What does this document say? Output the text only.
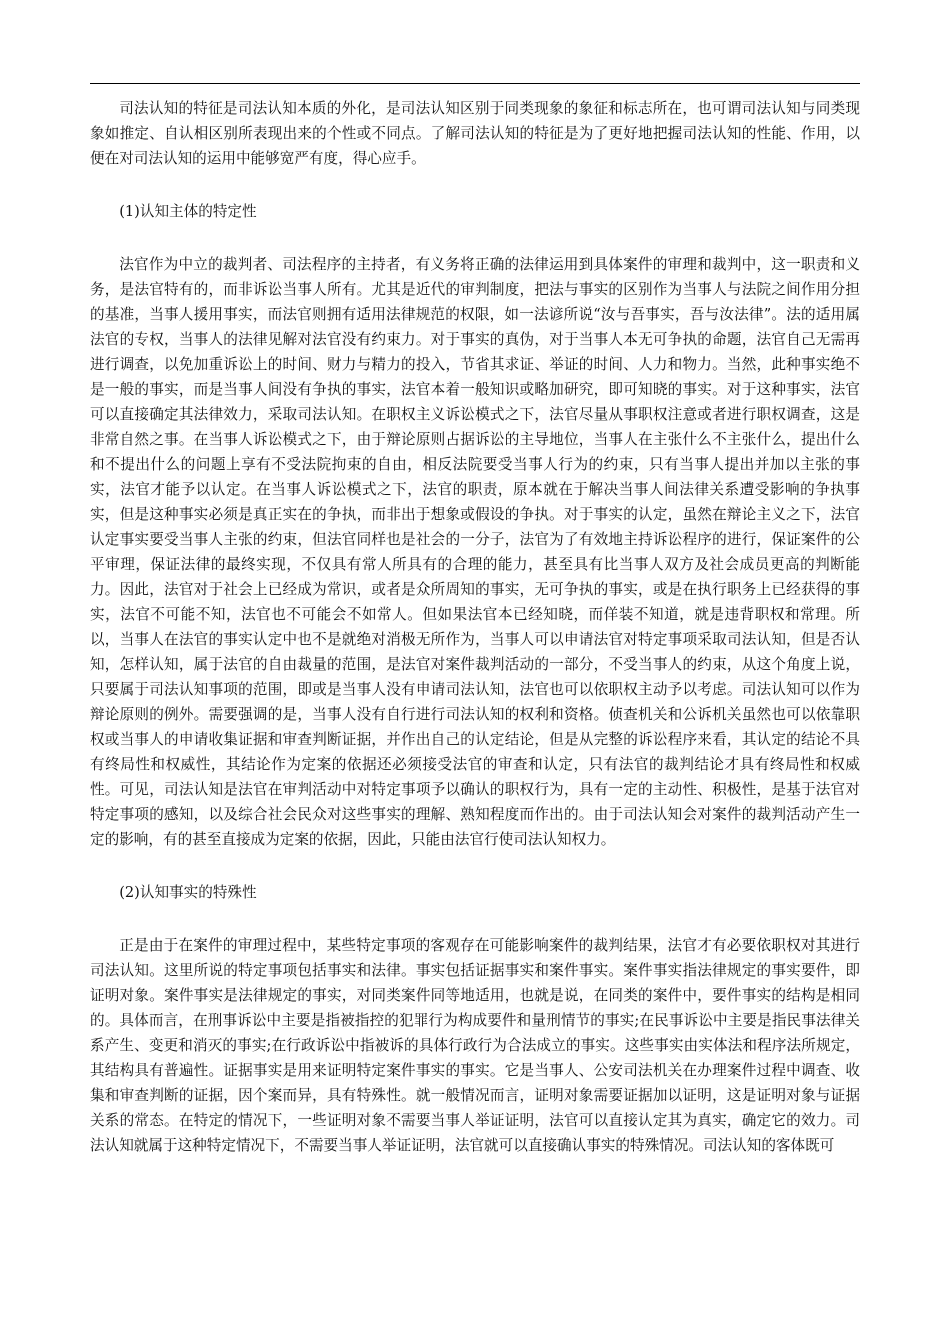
司法认知的特征是司法认知本质的外化，是司法认知区别于同类现象的象征和标志所在，也可谓司法认知与同类现象如推定、自认相区别所表现出来的个性或不同点。了解司法认知的特征是为了更好地把握司法认知的性能、作用，以便在对司法认知的运用中能够宽严有度，得心应手。

(1)认知主体的特定性

法官作为中立的裁判者、司法程序的主持者，有义务将正确的法律运用到具体案件的审理和裁判中，这一职责和义务，是法官特有的，而非诉讼当事人所有。尤其是近代的审判制度，把法与事实的区别作为当事人与法院之间作用分担的基准，当事人援用事实，而法官则拥有适用法律规范的权限，如一法谚所说“汝与吾事实，吾与汝法律”。法的适用属法官的专权，当事人的法律见解对法官没有约束力。对于事实的真伪，对于当事人本无可争执的命题，法官自己无需再进行调查，以免加重诉讼上的时间、财力与精力的投入，节省其求证、举证的时间、人力和物力。当然，此种事实绝不是一般的事实，而是当事人间没有争执的事实，法官本着一般知识或略加研究，即可知晓的事实。对于这种事实，法官可以直接确定其法律效力，采取司法认知。在职权主义诉讼模式之下，法官尽量从事职权注意或者进行职权调查，这是非常自然之事。在当事人诉讼模式之下，由于辩论原则占据诉讼的主导地位，当事人在主张什么不主张什么，提出什么和不提出什么的问题上享有不受法院拘束的自由，相反法院要受当事人行为的约束，只有当事人提出并加以主张的事实，法官才能予以认定。在当事人诉讼模式之下，法官的职责，原本就在于解决当事人间法律关系遭受影响的争执事实，但是这种事实必须是真正实在的争执，而非出于想象或假设的争执。对于事实的认定，虽然在辩论主义之下，法官认定事实要受当事人主张的约束，但法官同样也是社会的一分子，法官为了有效地主持诉讼程序的进行，保证案件的公平审理，保证法律的最终实现，不仅具有常人所具有的合理的能力，甚至具有比当事人双方及社会成员更高的判断能力。因此，法官对于社会上已经成为常识，或者是众所周知的事实，无可争执的事实，或是在执行职务上已经获得的事实，法官不可能不知，法官也不可能会不如常人。但如果法官本已经知晓，而佯装不知道，就是违背职权和常理。所以，当事人在法官的事实认定中也不是就绝对消极无所作为，当事人可以申请法官对特定事项采取司法认知，但是否认知，怎样认知，属于法官的自由裁量的范围，是法官对案件裁判活动的一部分，不受当事人的约束，从这个角度上说，只要属于司法认知事项的范围，即或是当事人没有申请司法认知，法官也可以依职权主动予以考虑。司法认知可以作为辩论原则的例外。需要强调的是，当事人没有自行进行司法认知的权利和资格。侦查机关和公诉机关虽然也可以依靠职权或当事人的申请收集证据和审查判断证据，并作出自己的认定结论，但是从完整的诉讼程序来看，其认定的结论不具有终局性和权威性，其结论作为定案的依据还必须接受法官的审查和认定，只有法官的裁判结论才具有终局性和权威性。可见，司法认知是法官在审判活动中对特定事项予以确认的职权行为，具有一定的主动性、积极性，是基于法官对特定事项的感知，以及综合社会民众对这些事实的理解、熟知程度而作出的。由于司法认知会对案件的裁判活动产生一定的影响，有的甚至直接成为定案的依据，因此，只能由法官行使司法认知权力。

(2)认知事实的特殊性

正是由于在案件的审理过程中，某些特定事项的客观存在可能影响案件的裁判结果，法官才有必要依职权对其进行司法认知。这里所说的特定事项包括事实和法律。事实包括证据事实和案件事实。案件事实指法律规定的事实要件，即证明对象。案件事实是法律规定的事实，对同类案件同等地适用，也就是说，在同类的案件中，要件事实的结构是相同的。具体而言，在刑事诉讼中主要是指被指控的犯罪行为构成要件和量刑情节的事实;在民事诉讼中主要是指民事法律关系产生、变更和消灭的事实;在行政诉讼中指被诉的具体行政行为合法成立的事实。这些事实由实体法和程序法所规定，其结构具有普遍性。证据事实是用来证明特定案件事实的事实。它是当事人、公安司法机关在办理案件过程中调查、收集和审查判断的证据，因个案而异，具有特殊性。就一般情况而言，证明对象需要证据加以证明，这是证明对象与证据关系的常态。在特定的情况下，一些证明对象不需要当事人举证证明，法官可以直接认定其为真实，确定它的效力。司法认知就属于这种特定情况下，不需要当事人举证证明，法官就可以直接确认事实的特殊情况。司法认知的客体既可
